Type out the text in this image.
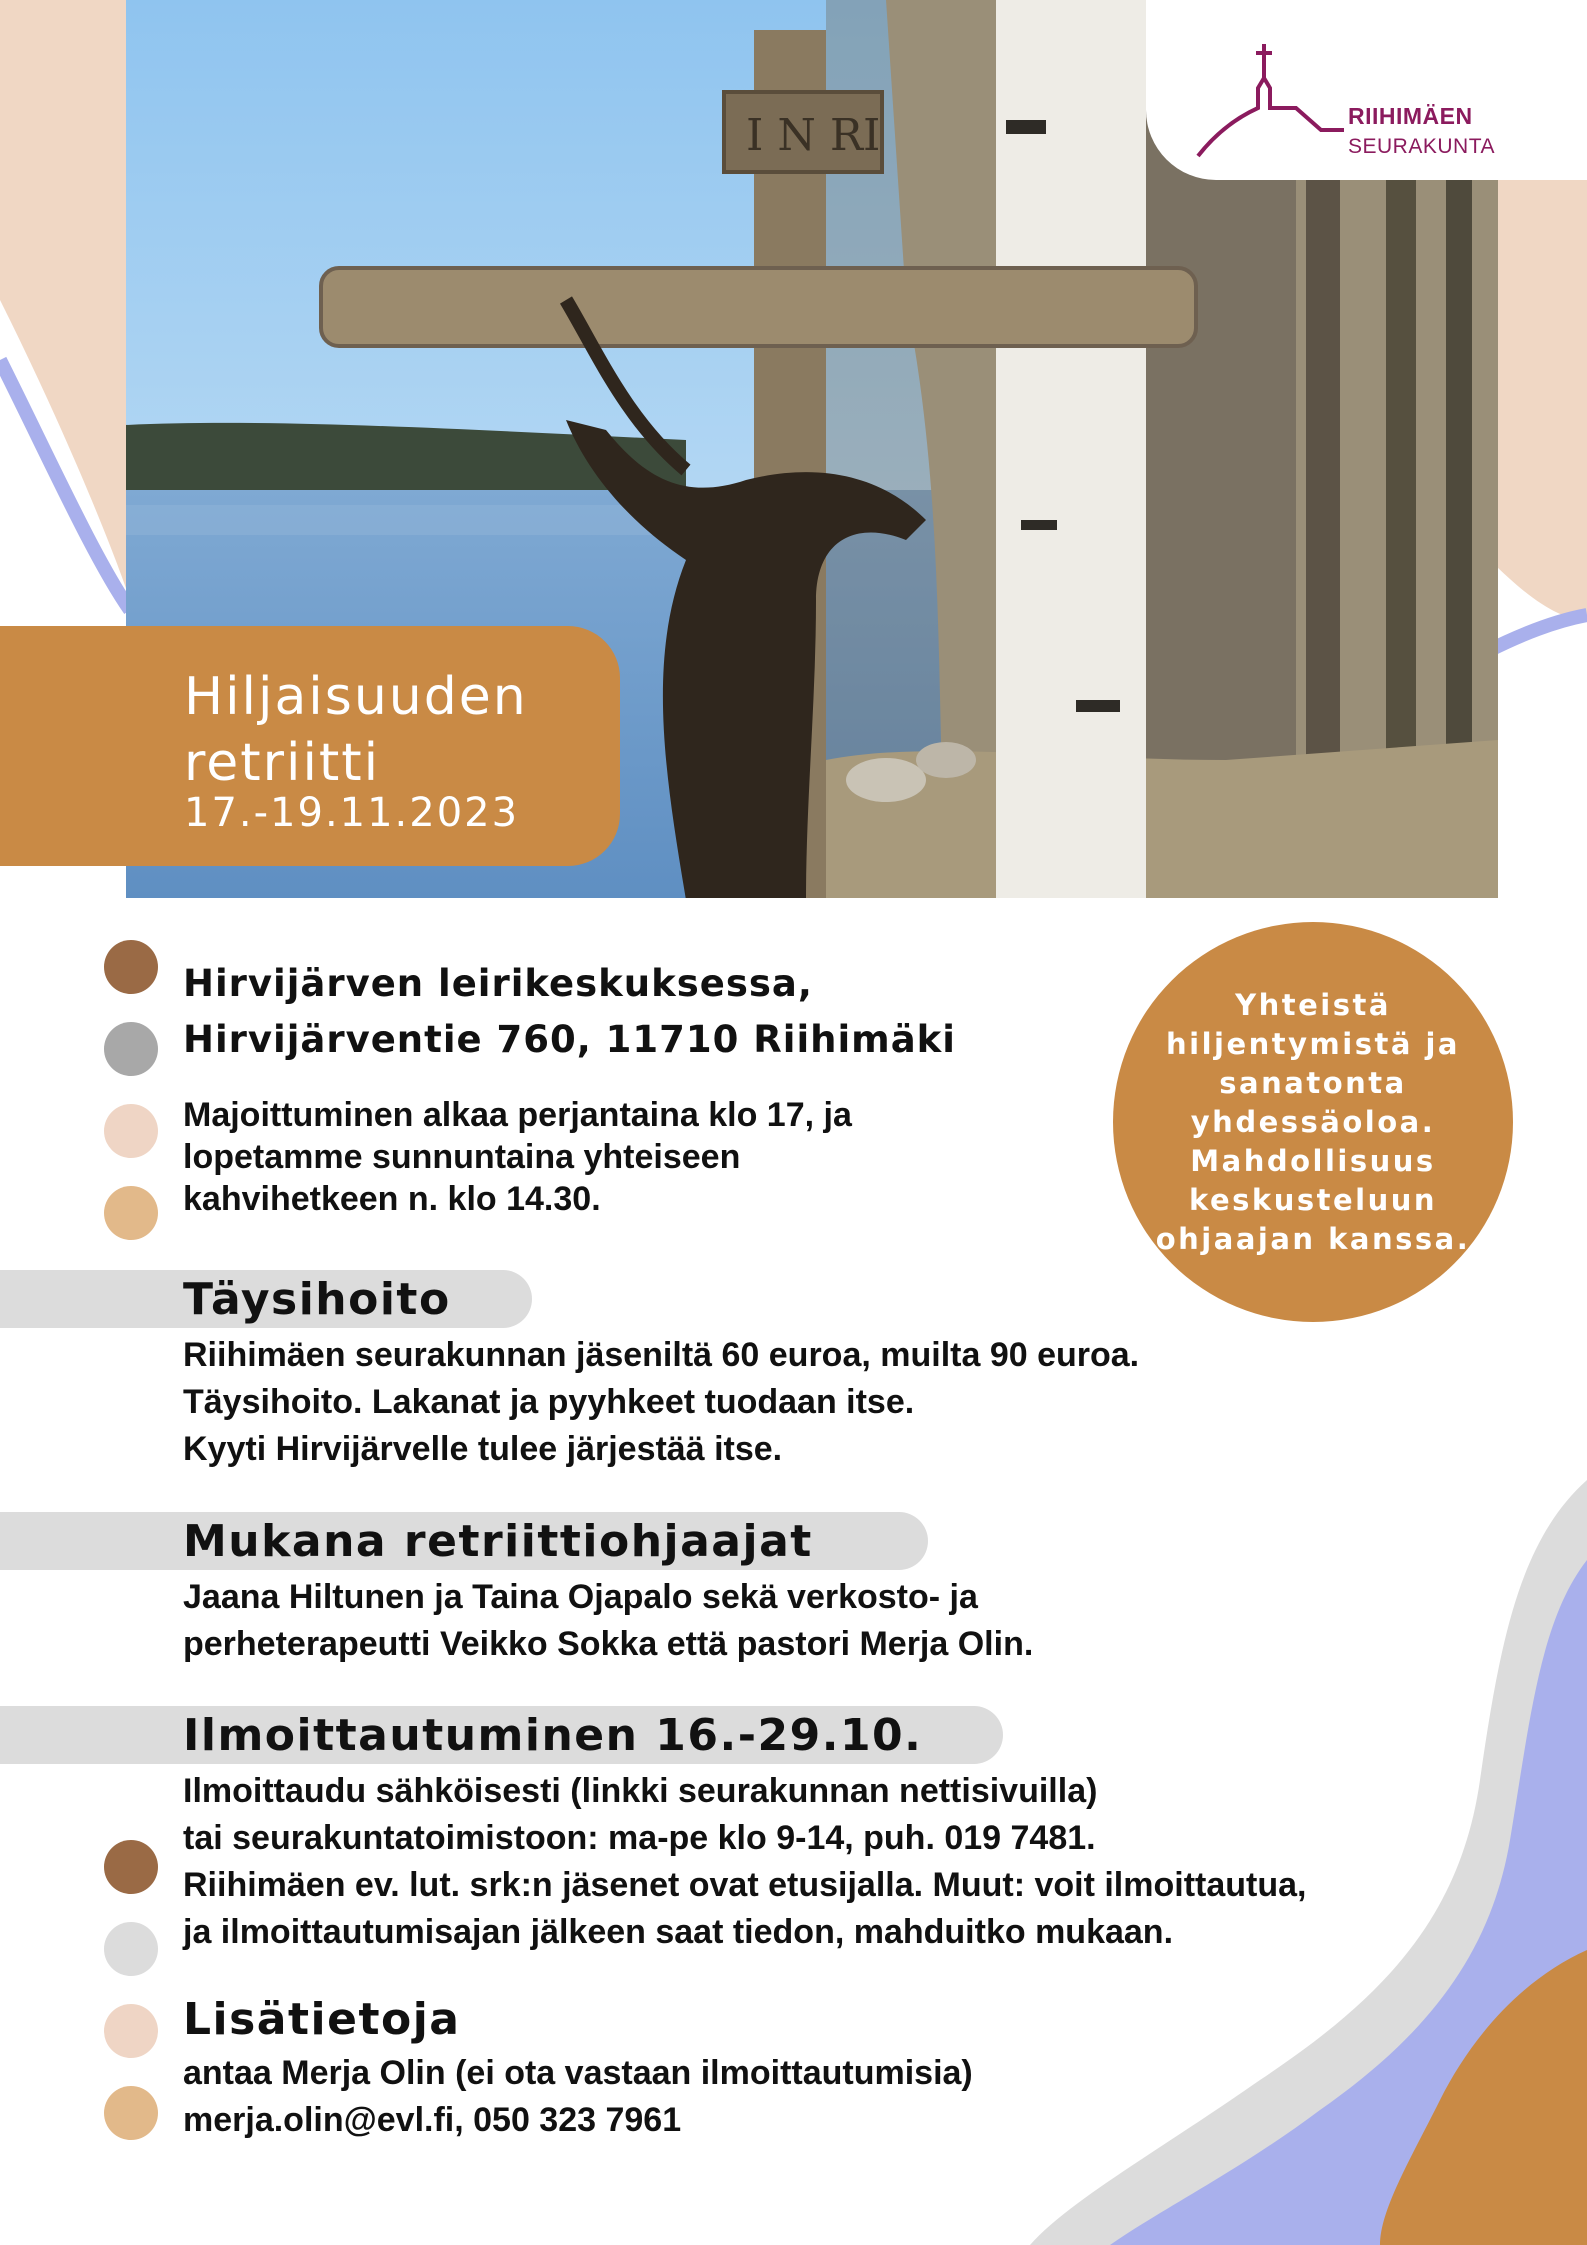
I N RI	RIIHIMÄEN
SEURAKUNTA
Hiljaisuuden
retriitti
17.-19.11.2023

Yhteistä hiljentymistä ja sanatonta yhdessäoloa. Mahdollisuus keskusteluun ohjaajan kanssa.

Hirvijärven leirikeskuksessa,
Hirvijärventie 760, 11710 Riihimäki
Majoittuminen alkaa perjantaina klo 17, ja
lopetamme sunnuntaina yhteiseen
kahvihetkeen n. klo 14.30.
Täysihoito
Riihimäen seurakunnan jäseniltä 60 euroa, muilta 90 euroa.
Täysihoito. Lakanat ja pyyhkeet tuodaan itse.
Kyyti Hirvijärvelle tulee järjestää itse.
Mukana retriittiohjaajat
Jaana Hiltunen ja Taina Ojapalo sekä verkosto- ja
perheterapeutti Veikko Sokka että pastori Merja Olin.
Ilmoittautuminen 16.-29.10.
Ilmoittaudu sähköisesti (linkki seurakunnan nettisivuilla)
tai seurakuntatoimistoon: ma-pe klo 9-14, puh. 019 7481.
Riihimäen ev. lut. srk:n jäsenet ovat etusijalla. Muut: voit ilmoittautua,
ja ilmoittautumisajan jälkeen saat tiedon, mahduitko mukaan.
Lisätietoja
antaa Merja Olin (ei ota vastaan ilmoittautumisia)
merja.olin@evl.fi, 050 323 7961
